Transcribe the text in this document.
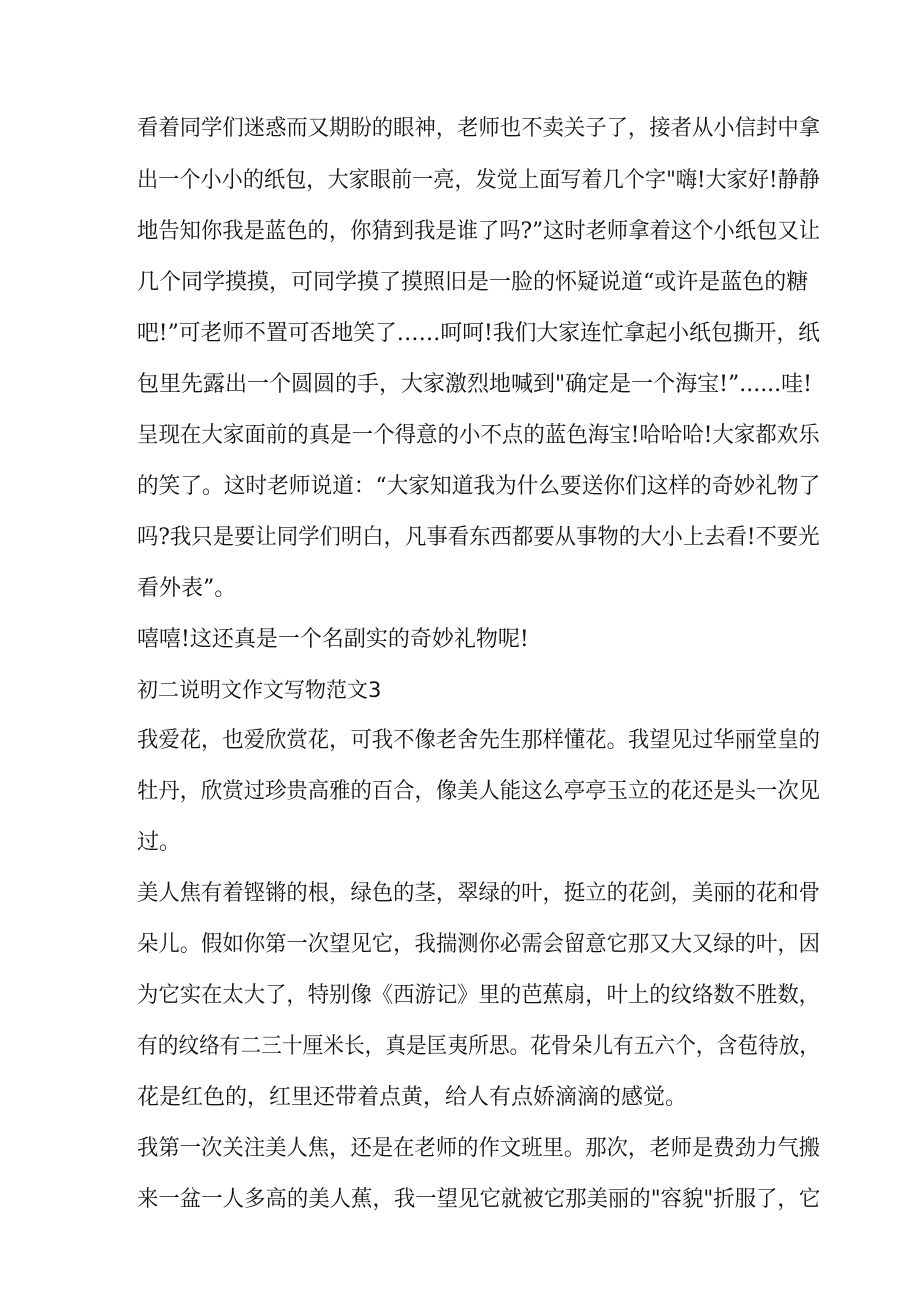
看着同学们迷惑而又期盼的眼神，老师也不卖关子了，接者从小信封中拿
出一个小小的纸包，大家眼前一亮，发觉上面写着几个字"嗨!大家好!静静
地告知你我是蓝色的，你猜到我是谁了吗?”这时老师拿着这个小纸包又让
几个同学摸摸，可同学摸了摸照旧是一脸的怀疑说道“或许是蓝色的糖
吧!”可老师不置可否地笑了……呵呵!我们大家连忙拿起小纸包撕开，纸
包里先露出一个圆圆的手，大家激烈地喊到"确定是一个海宝!”......哇!
呈现在大家面前的真是一个得意的小不点的蓝色海宝!哈哈哈!大家都欢乐
的笑了。这时老师说道：“大家知道我为什么要送你们这样的奇妙礼物了
吗?我只是要让同学们明白，凡事看东西都要从事物的大小上去看!不要光
看外表”。
嘻嘻!这还真是一个名副实的奇妙礼物呢!
初二说明文作文写物范文3
我爱花，也爱欣赏花，可我不像老舍先生那样懂花。我望见过华丽堂皇的
牡丹，欣赏过珍贵高雅的百合，像美人能这么亭亭玉立的花还是头一次见
过。
美人焦有着铿锵的根，绿色的茎，翠绿的叶，挺立的花剑，美丽的花和骨
朵儿。假如你第一次望见它，我揣测你必需会留意它那又大又绿的叶，因
为它实在太大了，特别像《西游记》里的芭蕉扇，叶上的纹络数不胜数，
有的纹络有二三十厘米长，真是匡夷所思。花骨朵儿有五六个，含苞待放，
花是红色的，红里还带着点黄，给人有点娇滴滴的感觉。
我第一次关注美人焦，还是在老师的作文班里。那次，老师是费劲力气搬
来一盆一人多高的美人蕉，我一望见它就被它那美丽的"容貌"折服了，它
